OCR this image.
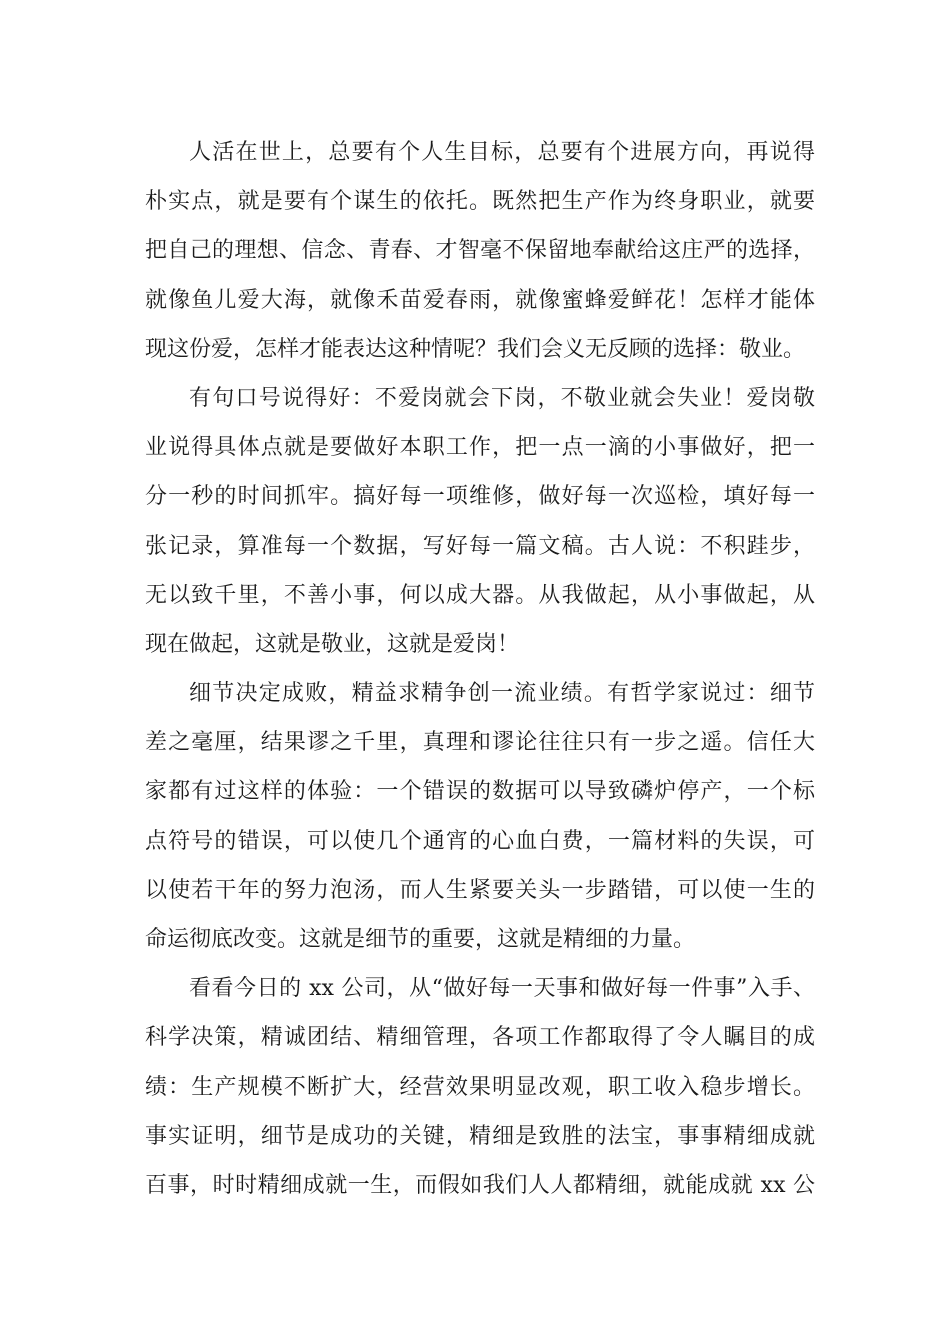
人活在世上，总要有个人生目标，总要有个进展方向，再说得
朴实点，就是要有个谋生的依托。既然把生产作为终身职业，就要
把自己的理想、信念、青春、才智毫不保留地奉献给这庄严的选择，
就像鱼儿爱大海，就像禾苗爱春雨，就像蜜蜂爱鲜花！怎样才能体
现这份爱，怎样才能表达这种情呢？我们会义无反顾的选择：敬业。
有句口号说得好：不爱岗就会下岗，不敬业就会失业！爱岗敬
业说得具体点就是要做好本职工作，把一点一滴的小事做好，把一
分一秒的时间抓牢。搞好每一项维修，做好每一次巡检，填好每一
张记录，算准每一个数据，写好每一篇文稿。古人说：不积跬步，
无以致千里，不善小事，何以成大器。从我做起，从小事做起，从
现在做起，这就是敬业，这就是爱岗！
细节决定成败，精益求精争创一流业绩。有哲学家说过：细节
差之毫厘，结果谬之千里，真理和谬论往往只有一步之遥。信任大
家都有过这样的体验：一个错误的数据可以导致磷炉停产，一个标
点符号的错误，可以使几个通宵的心血白费，一篇材料的失误，可
以使若干年的努力泡汤，而人生紧要关头一步踏错，可以使一生的
命运彻底改变。这就是细节的重要，这就是精细的力量。
看看今日的 xx 公司，从“做好每一天事和做好每一件事”入手、
科学决策，精诚团结、精细管理，各项工作都取得了令人瞩目的成
绩：生产规模不断扩大，经营效果明显改观，职工收入稳步增长。
事实证明，细节是成功的关键，精细是致胜的法宝，事事精细成就
百事，时时精细成就一生，而假如我们人人都精细，就能成就 xx 公
